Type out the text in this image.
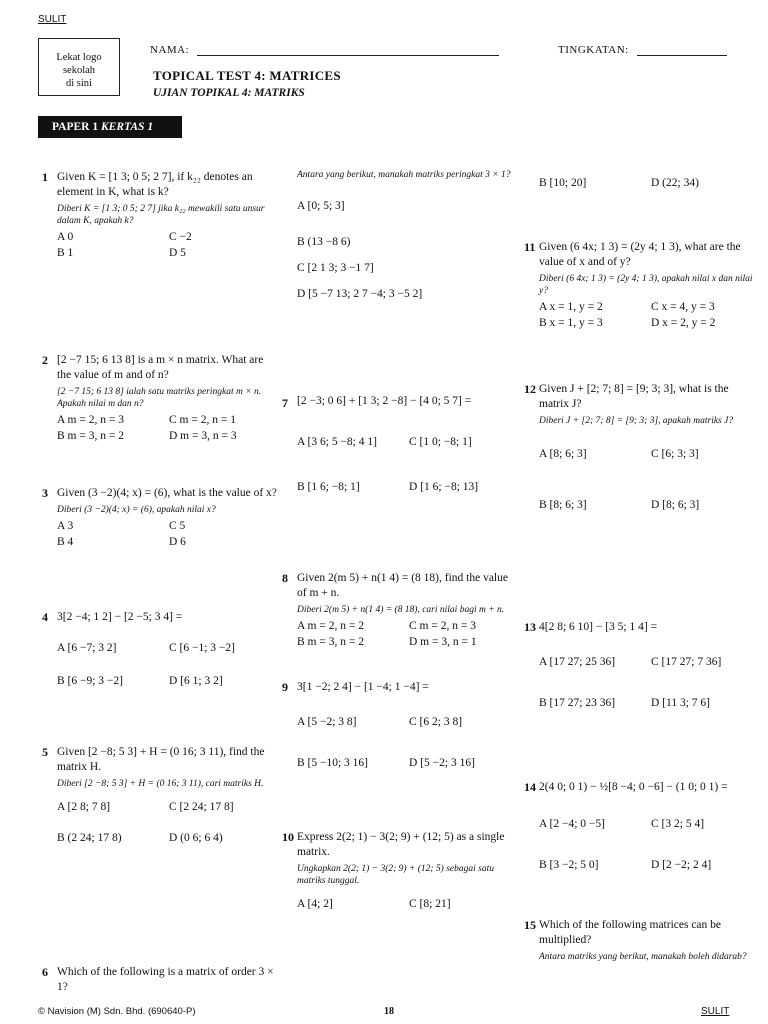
SULIT
Lekat logo
sekolah
di sini
NAMA:	TINGKATAN:
TOPICAL TEST 4: MATRICES
UJIAN TOPIKAL 4: MATRIKS
PAPER 1 KERTAS 1
1 Given K = [1 3; 0 5; 2 7], if k₂₂ denotes an element in K, what is k?
Diberi K = [1 3; 0 5; 2 7] jika k₂₂ mewakili satu unsur dalam K, apakah k?
A 0	C −2
B 1	D 5
2 [2 −7 15; 6 13 8] is a m × n matrix. What are the value of m and of n?
[2 −7 15; 6 13 8] ialah satu matriks peringkat m × n. Apakah nilai m dan n?
A m = 2, n = 3	C m = 2, n = 1
B m = 3, n = 2	D m = 3, n = 3
3 Given (3 −2)(4; x) = (6), what is the value of x?
Diberi (3 −2)(4; x) = (6), apakah nilai x?
A 3	C 5
B 4	D 6
4 3[2 −4; 1 2] − [2 −5; 3 4] =
A [6 −7; 3 2]	C [6 −1; 3 −2]
B [6 −9; 3 −2]	D [6 1; 3 2]
5 Given [2 −8; 5 3] + H = (0 16; 3 11), find the matrix H.
Diberi [2 −8; 5 3] + H = (0 16; 3 11), cari matriks H.
A [2 8; 7 8]	C [2 24; 17 8]
B (2 24; 17 8)	D (0 6; 6 4)
6 Which of the following is a matrix of order 3 × 1?
Antara yang berikut, manakah matriks peringkat 3 × 1?
A [0; 5; 3]
B (13 −8 6)
C [2 1 3; 3 −1 7]
D [5 −7 13; 2 7 −4; 3 −5 2]
7 [2 −3; 0 6] + [1 3; 2 −8] − [4 0; 5 7] =
A [3 6; 5 −8; 4 1]	C [1 0; −8; 1]
B [1 6; −8; 1]	D [1 6; −8; 13]
8 Given 2(m 5) + n(1 4) = (8 18), find the value of m + n.
Diberi 2(m 5) + n(1 4) = (8 18), cari nilai bagi m + n.
A m = 2, n = 2	C m = 2, n = 3
B m = 3, n = 2	D m = 3, n = 1
9 3[1 −2; 2 4] − [1 −4; 1 −4] =
A [5 −2; 3 8]	C [6 2; 3 8]
B [5 −10; 3 16]	D [5 −2; 3 16]
10 Express 2(2; 1) − 3(2; 9) + (12; 5) as a single matrix.
Ungkapkan 2(2; 1) − 3(2; 9) + (12; 5) sebagai satu matriks tunggal.
A [4; 2]	C [8; 21]
B [10; 20]	D (22; 34)
11 Given (6 4x; 1 3) = (2y 4; 1 3), what are the value of x and of y?
Diberi (6 4x; 1 3) = (2y 4; 1 3), apakah nilai x dan nilai y?
A x = 1, y = 2	C x = 4, y = 3
B x = 1, y = 3	D x = 2, y = 2
12 Given J + [2; 7; 8] = [9; 3; 3], what is the matrix J?
Diberi J + [2; 7; 8] = [9; 3; 3], apakah matriks J?
A [8; 6; 3]	C [6; 3; 3]
B [8; 6; 3]	D [8; 6; 3]
13 4[2 8; 6 10] − [3 5; 1 4] =
A [17 27; 25 36]	C [17 27; 7 36]
B [17 27; 23 36]	D [11 3; 7 6]
14 2(4 0; 0 1) − ½[8 −4; 0 −6] − (1 0; 0 1) =
A [2 −4; 0 −5]	C [3 2; 5 4]
B [3 −2; 5 0]	D [2 −2; 2 4]
15 Which of the following matrices can be multiplied?
Antara matriks yang berikut, manakah boleh didarab?
© Navision (M) Sdn. Bhd. (690640-P)	18	SULIT
